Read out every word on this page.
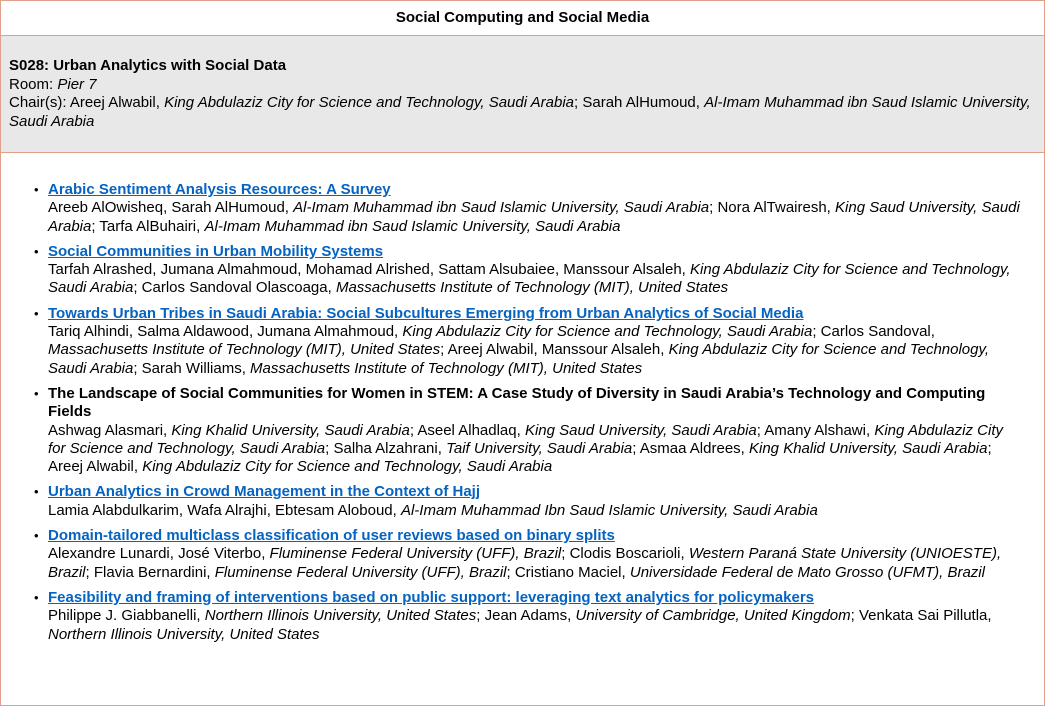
Social Computing and Social Media
S028: Urban Analytics with Social Data
Room: Pier 7
Chair(s): Areej Alwabil, King Abdulaziz City for Science and Technology, Saudi Arabia; Sarah AlHumoud, Al-Imam Muhammad ibn Saud Islamic University, Saudi Arabia
• Arabic Sentiment Analysis Resources: A Survey
Areeb AlOwisheq, Sarah AlHumoud, Al-Imam Muhammad ibn Saud Islamic University, Saudi Arabia; Nora AlTwairesh, King Saud University, Saudi Arabia; Tarfa AlBuhairi, Al-Imam Muhammad ibn Saud Islamic University, Saudi Arabia
• Social Communities in Urban Mobility Systems
Tarfah Alrashed, Jumana Almahmoud, Mohamad Alrished, Sattam Alsubaiee, Manssour Alsaleh, King Abdulaziz City for Science and Technology, Saudi Arabia; Carlos Sandoval Olascoaga, Massachusetts Institute of Technology (MIT), United States
• Towards Urban Tribes in Saudi Arabia: Social Subcultures Emerging from Urban Analytics of Social Media
Tariq Alhindi, Salma Aldawood, Jumana Almahmoud, King Abdulaziz City for Science and Technology, Saudi Arabia; Carlos Sandoval, Massachusetts Institute of Technology (MIT), United States; Areej Alwabil, Manssour Alsaleh, King Abdulaziz City for Science and Technology, Saudi Arabia; Sarah Williams, Massachusetts Institute of Technology (MIT), United States
• The Landscape of Social Communities for Women in STEM: A Case Study of Diversity in Saudi Arabia’s Technology and Computing Fields
Ashwag Alasmari, King Khalid University, Saudi Arabia; Aseel Alhadlaq, King Saud University, Saudi Arabia; Amany Alshawi, King Abdulaziz City for Science and Technology, Saudi Arabia; Salha Alzahrani, Taif University, Saudi Arabia; Asmaa Aldrees, King Khalid University, Saudi Arabia; Areej Alwabil, King Abdulaziz City for Science and Technology, Saudi Arabia
• Urban Analytics in Crowd Management in the Context of Hajj
Lamia Alabdulkarim, Wafa Alrajhi, Ebtesam Aloboud, Al-Imam Muhammad Ibn Saud Islamic University, Saudi Arabia
• Domain-tailored multiclass classification of user reviews based on binary splits
Alexandre Lunardi, José Viterbo, Fluminense Federal University (UFF), Brazil; Clodis Boscarioli, Western Paraná State University (UNIOESTE), Brazil; Flavia Bernardini, Fluminense Federal University (UFF), Brazil; Cristiano Maciel, Universidade Federal de Mato Grosso (UFMT), Brazil
• Feasibility and framing of interventions based on public support: leveraging text analytics for policymakers
Philippe J. Giabbanelli, Northern Illinois University, United States; Jean Adams, University of Cambridge, United Kingdom; Venkata Sai Pillutla, Northern Illinois University, United States
